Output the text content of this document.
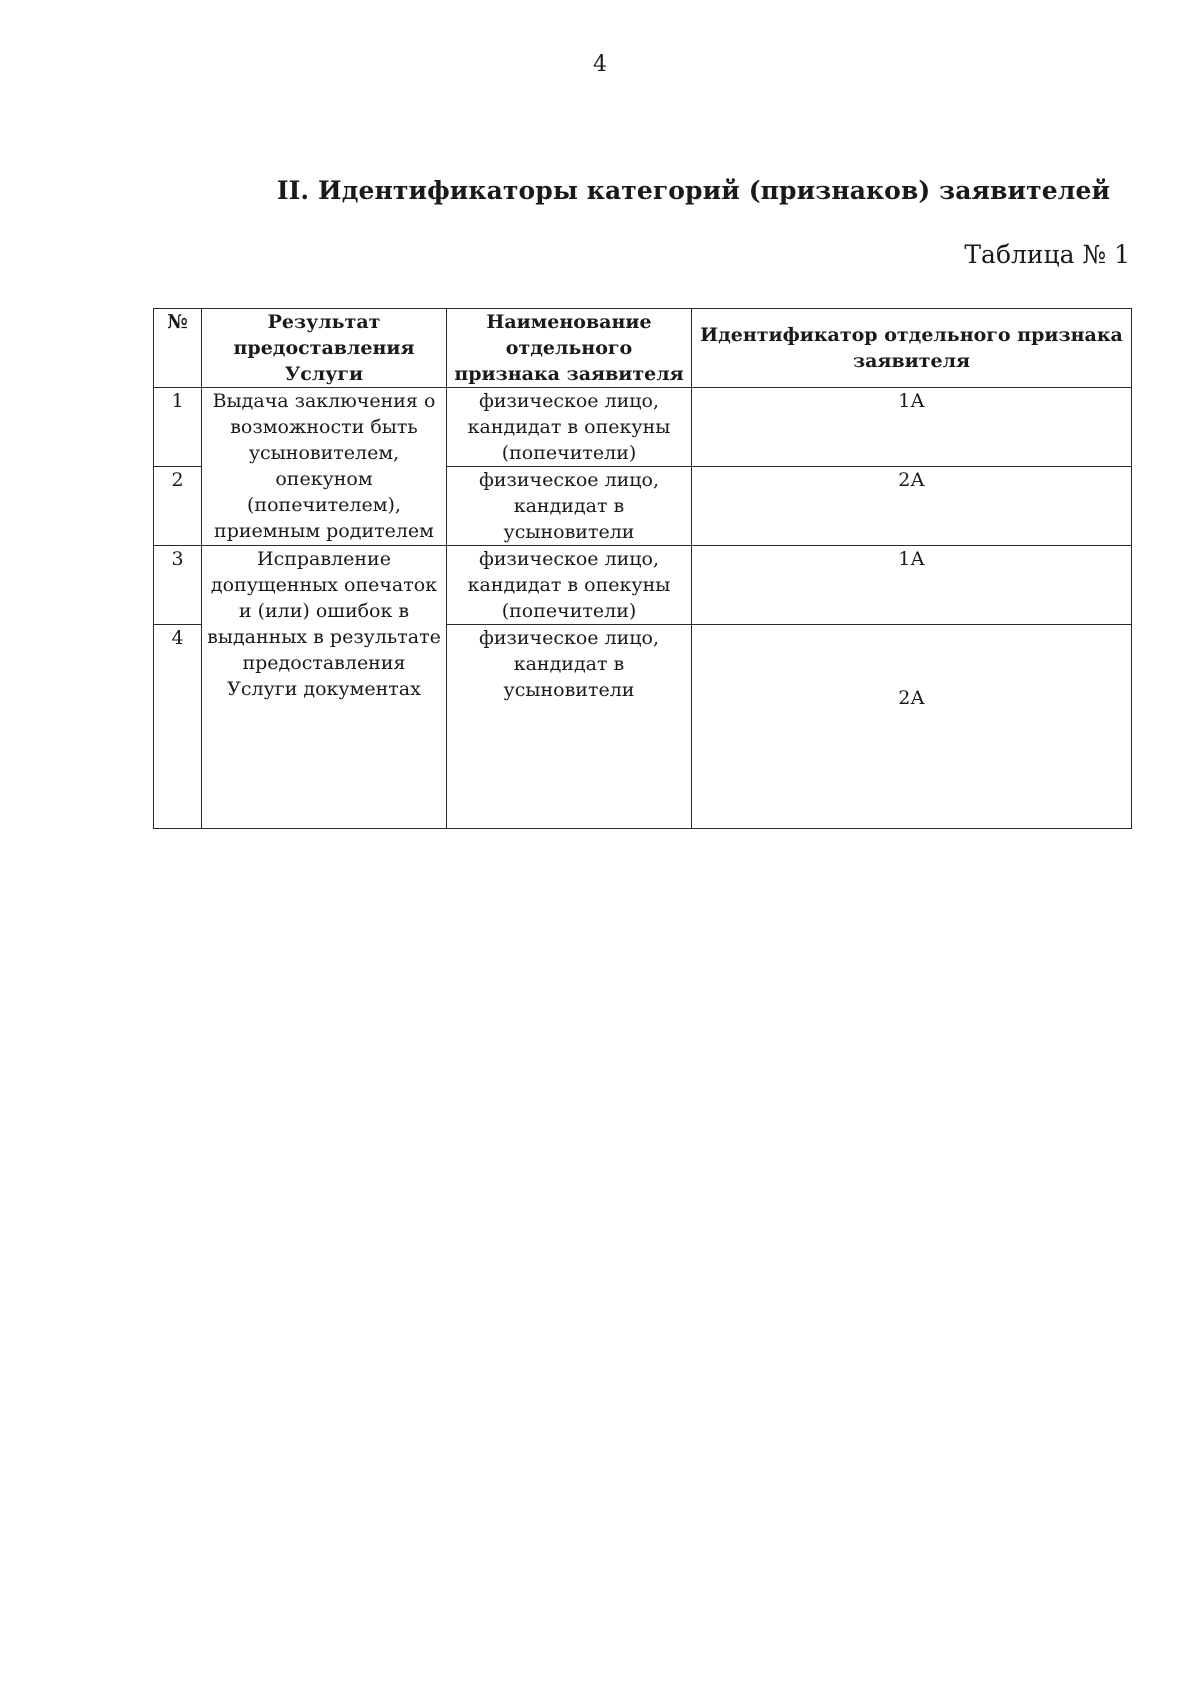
4
II. Идентификаторы категорий (признаков) заявителей
Таблица № 1
№	Результат предоставления Услуги	Наименование отдельного признака заявителя	Идентификатор отдельного признака заявителя
1	Выдача заключения о возможности быть усыновителем, опекуном (попечителем), приемным родителем	физическое лицо, кандидат в опекуны (попечители)	1А
2		физическое лицо, кандидат в усыновители	2А
3	Исправление допущенных опечаток и (или) ошибок в выданных в результате предоставления Услуги документах	физическое лицо, кандидат в опекуны (попечители)	1А
4		физическое лицо, кандидат в усыновители	2А
